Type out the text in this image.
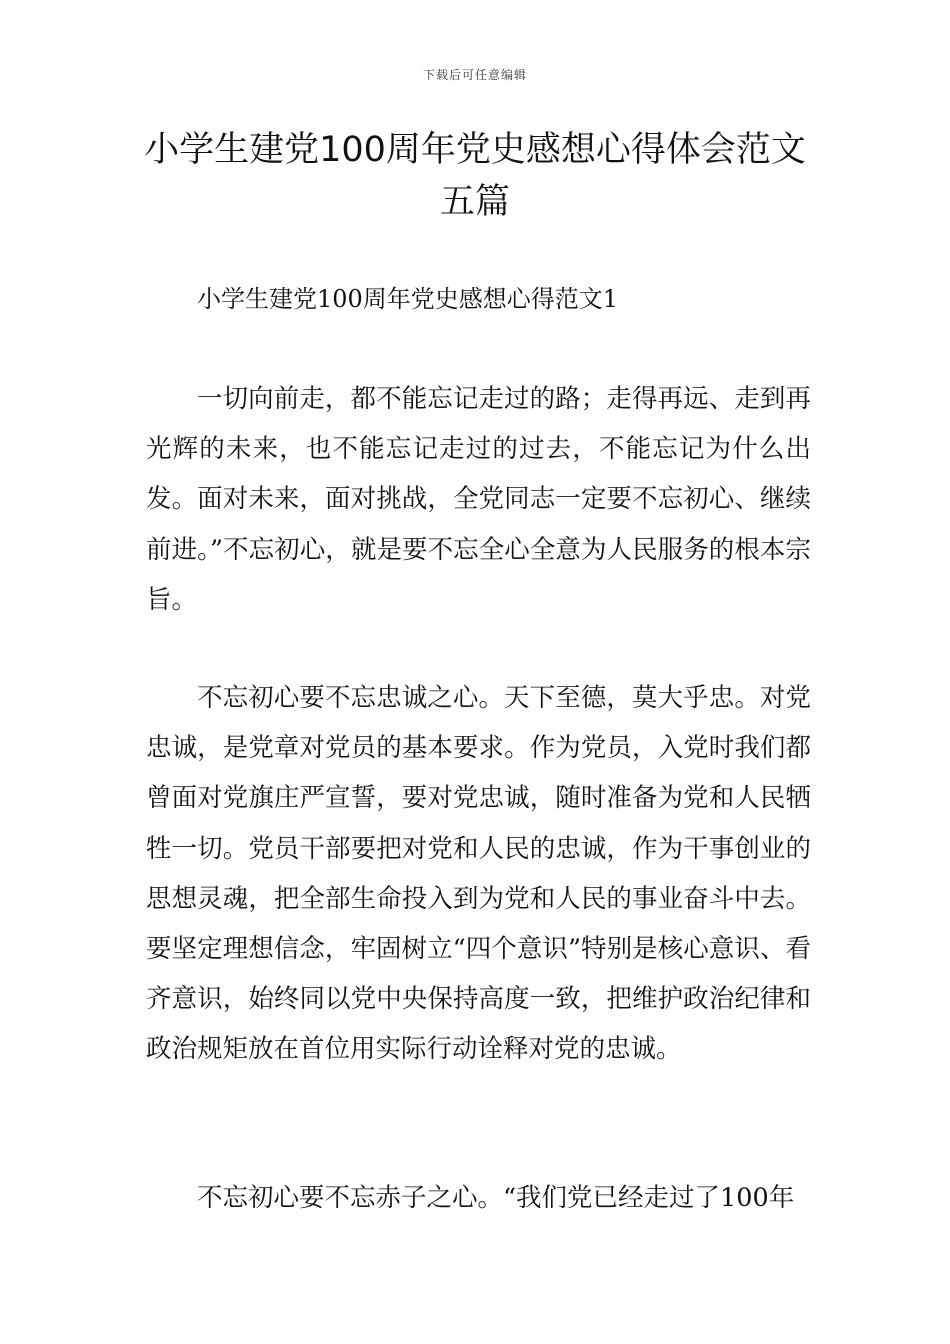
下载后可任意编辑
小学生建党100周年党史感想心得体会范文五篇

小学生建党100周年党史感想心得范文1

一切向前走，都不能忘记走过的路；走得再远、走到再光辉的未来，也不能忘记走过的过去，不能忘记为什么出发。面对未来，面对挑战，全党同志一定要不忘初心、继续前进。”不忘初心，就是要不忘全心全意为人民服务的根本宗旨。

不忘初心要不忘忠诚之心。天下至德，莫大乎忠。对党忠诚，是党章对党员的基本要求。作为党员，入党时我们都曾面对党旗庄严宣誓，要对党忠诚，随时准备为党和人民牺牲一切。党员干部要把对党和人民的忠诚，作为干事创业的思想灵魂，把全部生命投入到为党和人民的事业奋斗中去。要坚定理想信念，牢固树立“四个意识”特别是核心意识、看齐意识，始终同以党中央保持高度一致，把维护政治纪律和政治规矩放在首位用实际行动诠释对党的忠诚。

不忘初心要不忘赤子之心。“我们党已经走过了100年
